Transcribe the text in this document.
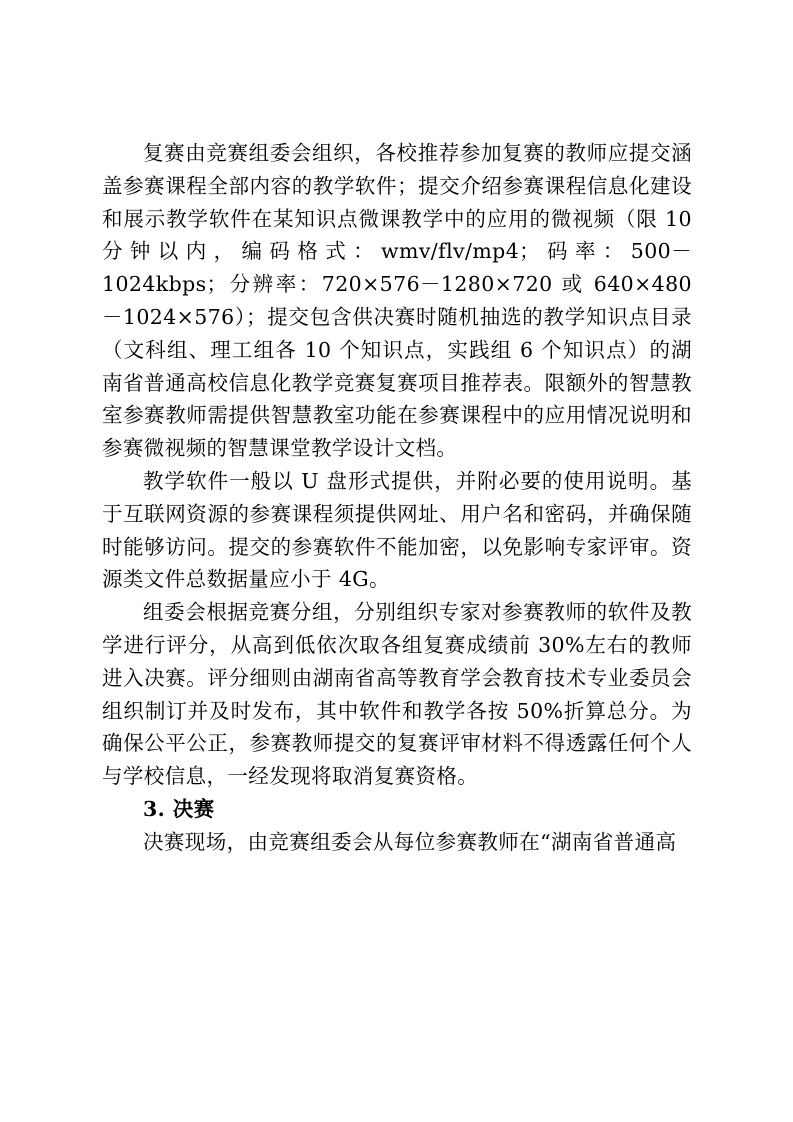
复赛由竞赛组委会组织，各校推荐参加复赛的教师应提交涵盖参赛课程全部内容的教学软件；提交介绍参赛课程信息化建设和展示教学软件在某知识点微课教学中的应用的微视频（限 10 分钟以内，编码格式：wmv/flv/mp4；码率：500－1024kbps；分辨率：720×576－1280×720 或 640×480－1024×576）；提交包含供决赛时随机抽选的教学知识点目录（文科组、理工组各 10 个知识点，实践组 6 个知识点）的湖南省普通高校信息化教学竞赛复赛项目推荐表。限额外的智慧教室参赛教师需提供智慧教室功能在参赛课程中的应用情况说明和参赛微视频的智慧课堂教学设计文档。

教学软件一般以 U 盘形式提供，并附必要的使用说明。基于互联网资源的参赛课程须提供网址、用户名和密码，并确保随时能够访问。提交的参赛软件不能加密，以免影响专家评审。资源类文件总数据量应小于 4G。

组委会根据竞赛分组，分别组织专家对参赛教师的软件及教学进行评分，从高到低依次取各组复赛成绩前 30%左右的教师进入决赛。评分细则由湖南省高等教育学会教育技术专业委员会组织制订并及时发布，其中软件和教学各按 50%折算总分。为确保公平公正，参赛教师提交的复赛评审材料不得透露任何个人与学校信息，一经发现将取消复赛资格。

3. 决赛

决赛现场，由竞赛组委会从每位参赛教师在“湖南省普通高
